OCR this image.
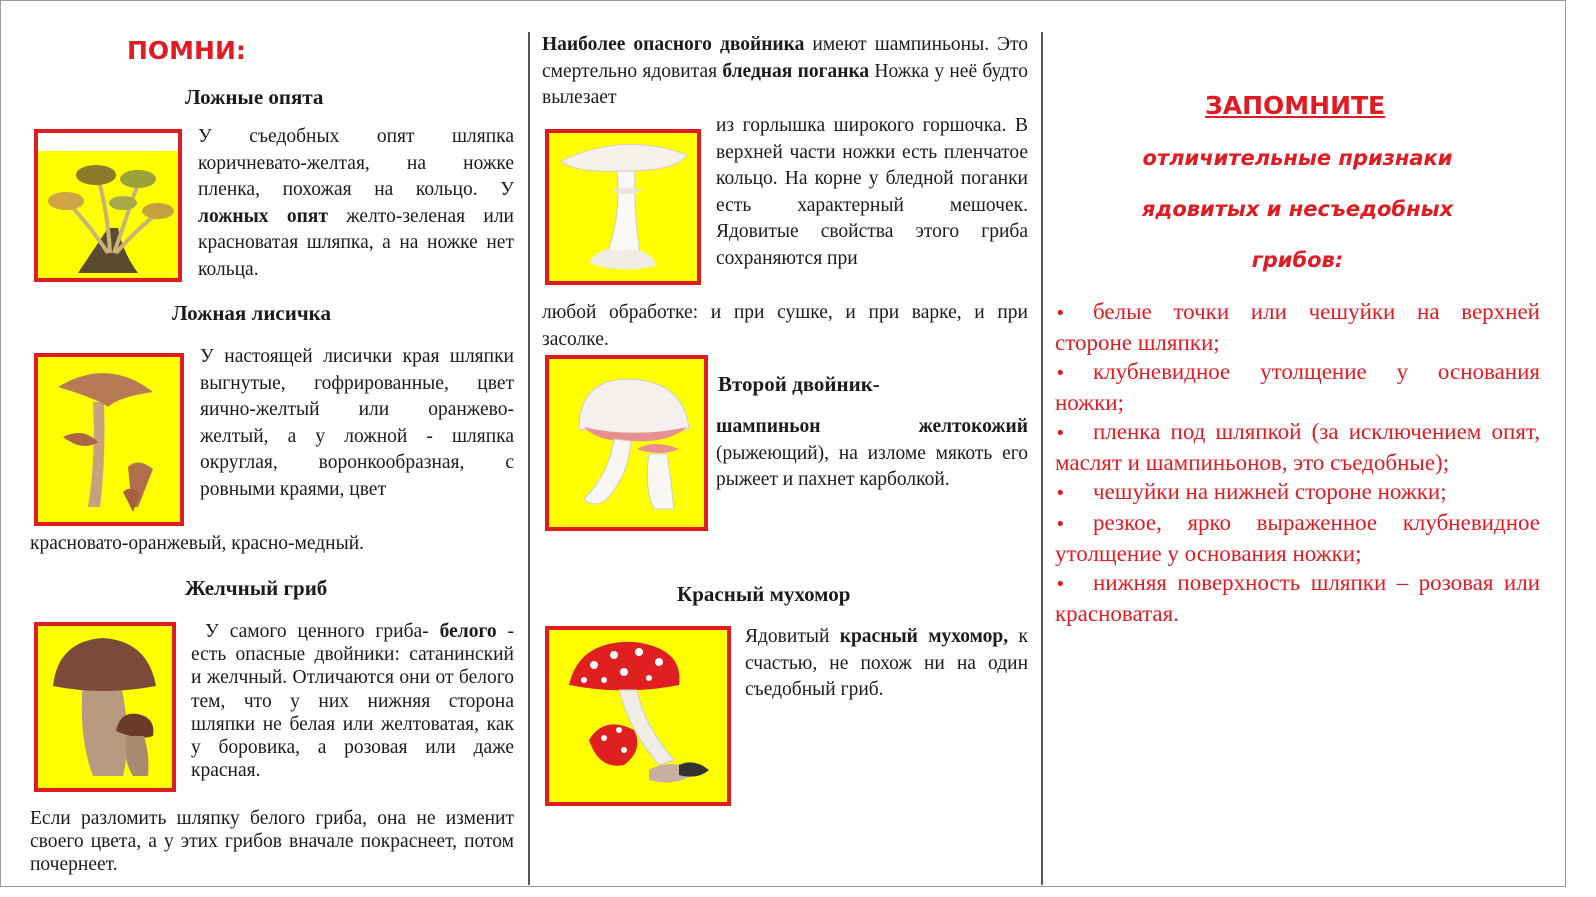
ПОМНИ:
Ложные опята
У съедобных опят шляпка коричневато-желтая, на ножке пленка, похожая на кольцо. У ложных опят желто-зеленая или красноватая шляпка, а на ножке нет кольца.
Ложная лисичка
У настоящей лисички края шляпки выгнутые, гофрированные, цвет яично-желтый или оранжево-желтый, а у ложной - шляпка округлая, воронкообразная, с ровными краями, цвет
красновато-оранжевый, красно-медный.
Желчный гриб
У самого ценного гриба- белого - есть опасные двойники: сатанинский и желчный. Отличаются они от белого тем, что у них нижняя сторона шляпки не белая или желтоватая, как у боровика, а розовая или даже красная.
Если разломить шляпку белого гриба, она не изменит своего цвета, а у этих грибов вначале покраснеет, потом почернеет.
Наиболее опасного двойника имеют шампиньоны. Это смертельно ядовитая бледная поганка Ножка у неё будто вылезает
из горлышка широкого горшочка. В верхней части ножки есть пленчатое кольцо. На корне у бледной поганки есть характерный мешочек. Ядовитые свойства этого гриба сохраняются при
любой обработке: и при сушке, и при варке, и при засолке.
Второй двойник-
шампиньон желтокожий (рыжеющий), на изломе мякоть его рыжеет и пахнет карболкой.
Красный мухомор
Ядовитый красный мухомор, к счастью, не похож ни на один съедобный гриб.
ЗАПОМНИТЕ
отличительные признаки
ядовитых и несъедобных
грибов:
• белые точки или чешуйки на верхней стороне шляпки;
• клубневидное утолщение у основания ножки;
• пленка под шляпкой (за исключением опят, маслят и шампиньонов, это съедобные);
• чешуйки на нижней стороне ножки;
• резкое, ярко выраженное клубневидное утолщение у основания ножки;
• нижняя поверхность шляпки – розовая или красноватая.
